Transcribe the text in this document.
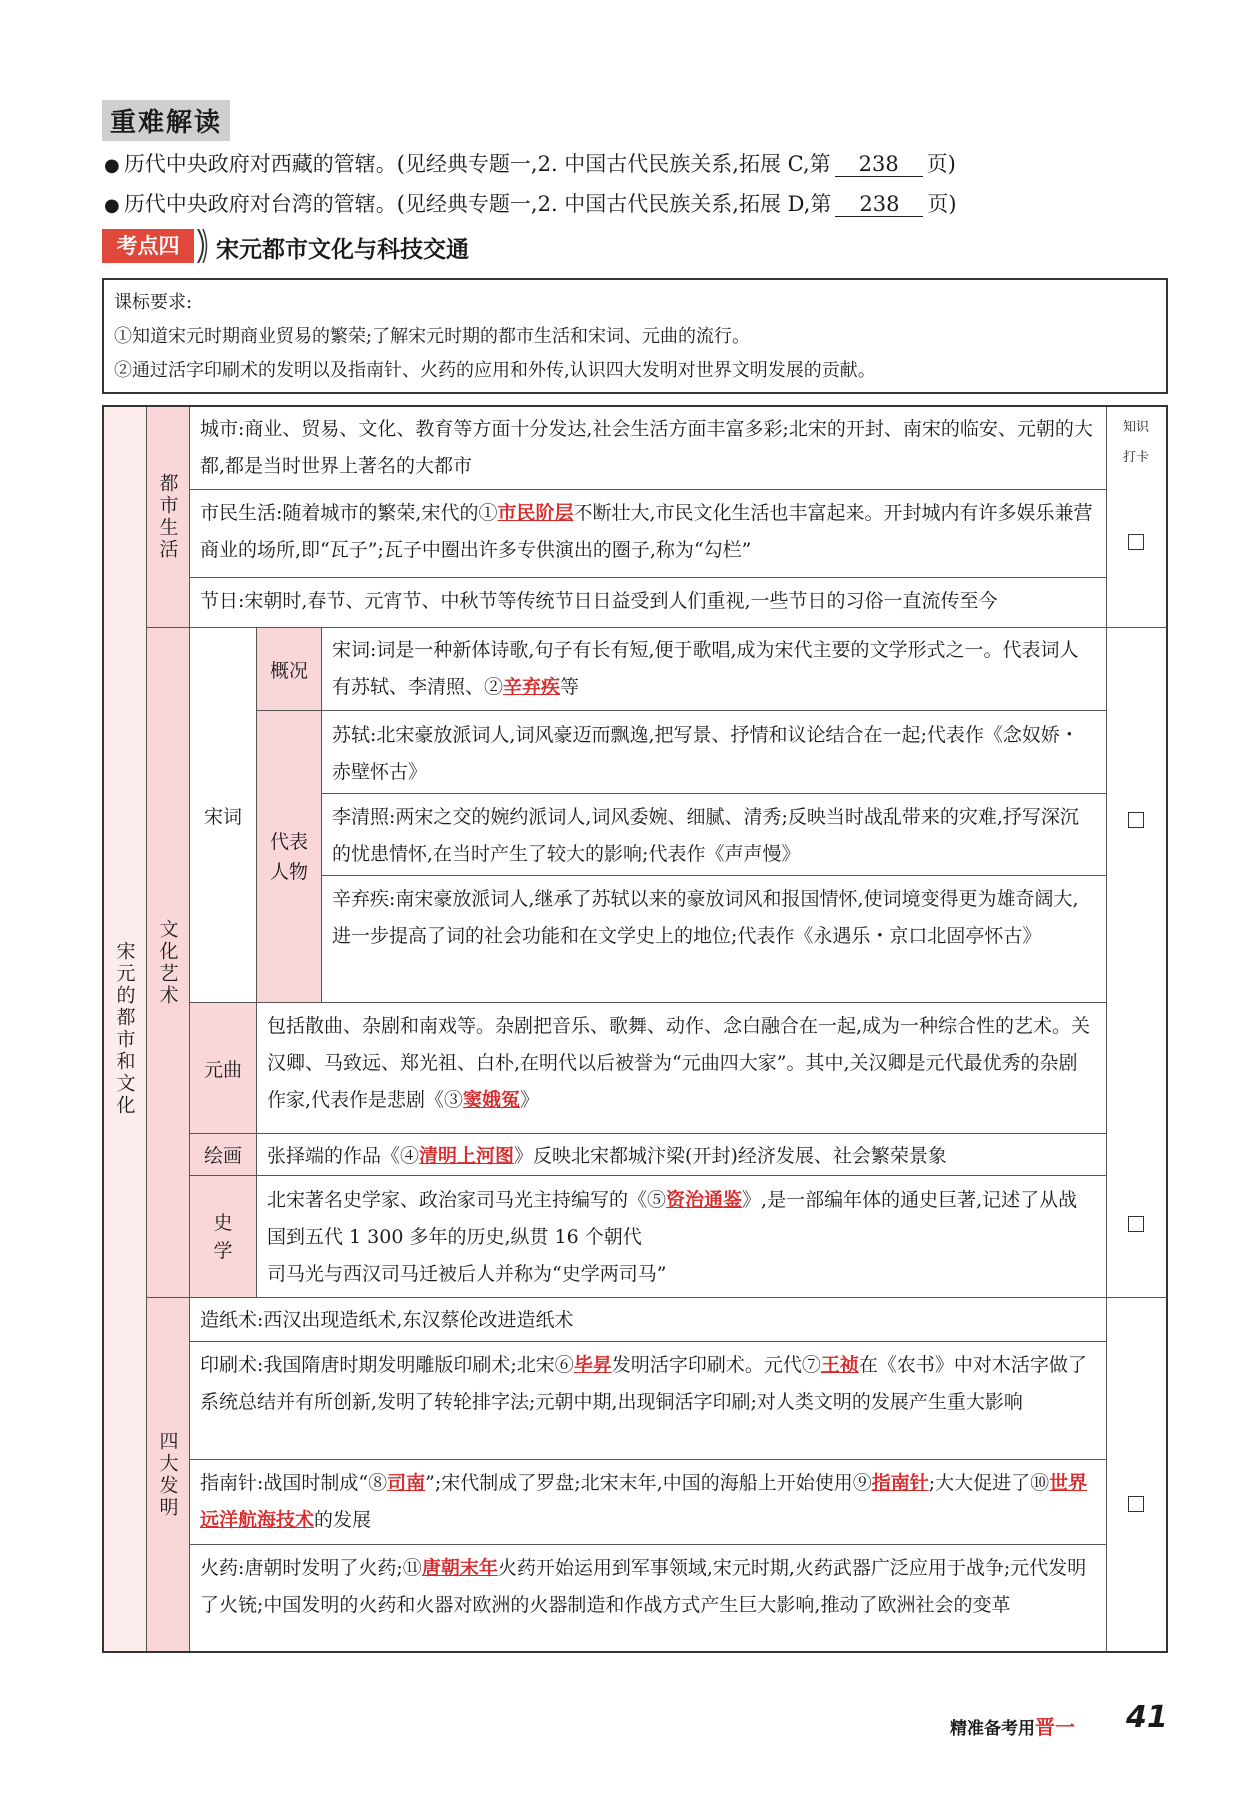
重难解读
● 历代中央政府对西藏的管辖。(见经典专题一,2. 中国古代民族关系,拓展 C,第 238 页)
● 历代中央政府对台湾的管辖。(见经典专题一,2. 中国古代民族关系,拓展 D,第 238 页)
考点四	宋元都市文化与科技交通
课标要求:
①知道宋元时期商业贸易的繁荣;了解宋元时期的都市生活和宋词、元曲的流行。
②通过活字印刷术的发明以及指南针、火药的应用和外传,认识四大发明对世界文明发展的贡献。
宋元的都市和文化
都市生活
文化艺术
四大发明
知识
打卡
城市:商业、贸易、文化、教育等方面十分发达,社会生活方面丰富多彩;北宋的开封、南宋的临安、元朝的大都,都是当时世界上著名的大都市
市民生活:随着城市的繁荣,宋代的①市民阶层不断壮大,市民文化生活也丰富起来。开封城内有许多娱乐兼营商业的场所,即“瓦子”;瓦子中圈出许多专供演出的圈子,称为“勾栏”
节日:宋朝时,春节、元宵节、中秋节等传统节日日益受到人们重视,一些节日的习俗一直流传至今
宋词
概况
代表人物
宋词:词是一种新体诗歌,句子有长有短,便于歌唱,成为宋代主要的文学形式之一。代表词人有苏轼、李清照、②辛弃疾等
苏轼:北宋豪放派词人,词风豪迈而飘逸,把写景、抒情和议论结合在一起;代表作《念奴娇・赤壁怀古》
李清照:两宋之交的婉约派词人,词风委婉、细腻、清秀;反映当时战乱带来的灾难,抒写深沉的忧患情怀,在当时产生了较大的影响;代表作《声声慢》
辛弃疾:南宋豪放派词人,继承了苏轼以来的豪放词风和报国情怀,使词境变得更为雄奇阔大,进一步提高了词的社会功能和在文学史上的地位;代表作《永遇乐・京口北固亭怀古》
元曲
包括散曲、杂剧和南戏等。杂剧把音乐、歌舞、动作、念白融合在一起,成为一种综合性的艺术。关汉卿、马致远、郑光祖、白朴,在明代以后被誉为“元曲四大家”。其中,关汉卿是元代最优秀的杂剧作家,代表作是悲剧《③窦娥冤》
绘画	张择端的作品《④清明上河图》反映北宋都城汴梁(开封)经济发展、社会繁荣景象
史学
北宋著名史学家、政治家司马光主持编写的《⑤资治通鉴》,是一部编年体的通史巨著,记述了从战国到五代 1 300 多年的历史,纵贯 16 个朝代
司马光与西汉司马迁被后人并称为“史学两司马”
造纸术:西汉出现造纸术,东汉蔡伦改进造纸术
印刷术:我国隋唐时期发明雕版印刷术;北宋⑥毕昇发明活字印刷术。元代⑦王祯在《农书》中对木活字做了系统总结并有所创新,发明了转轮排字法;元朝中期,出现铜活字印刷;对人类文明的发展产生重大影响
指南针:战国时制成“⑧司南”;宋代制成了罗盘;北宋末年,中国的海船上开始使用⑨指南针;大大促进了⑩世界远洋航海技术的发展
火药:唐朝时发明了火药;⑪唐朝末年火药开始运用到军事领域,宋元时期,火药武器广泛应用于战争;元代发明了火铳;中国发明的火药和火器对欧洲的火器制造和作战方式产生巨大影响,推动了欧洲社会的变革
精准备考用晋一 41
